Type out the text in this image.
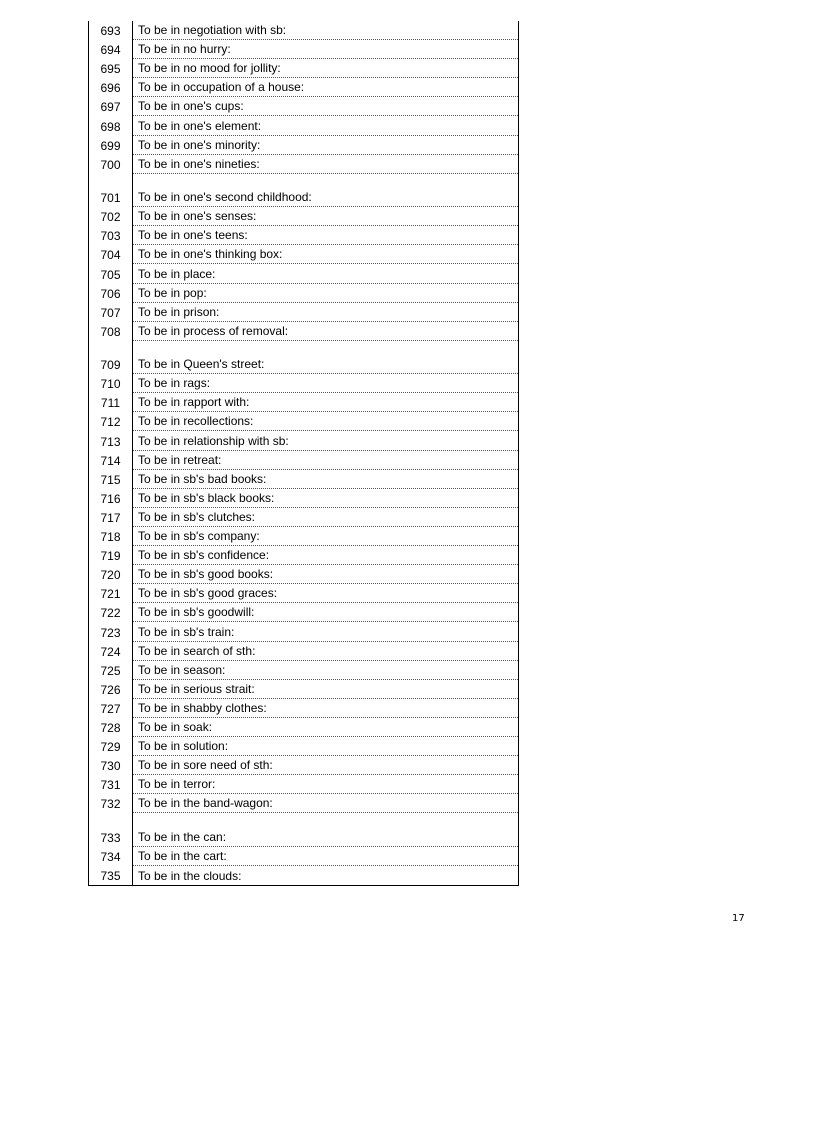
693	To be in negotiation with sb:
694	To be in no hurry:
695	To be in no mood for jollity:
696	To be in occupation of a house:
697	To be in one's cups:
698	To be in one's element:
699	To be in one's minority:
700	To be in one's nineties:
701	To be in one's second childhood:
702	To be in one's senses:
703	To be in one's teens:
704	To be in one's thinking box:
705	To be in place:
706	To be in pop:
707	To be in prison:
708	To be in process of removal:
709	To be in Queen's street:
710	To be in rags:
711	To be in rapport with:
712	To be in recollections:
713	To be in relationship with sb:
714	To be in retreat:
715	To be in sb's bad books:
716	To be in sb's black books:
717	To be in sb's clutches:
718	To be in sb's company:
719	To be in sb's confidence:
720	To be in sb's good books:
721	To be in sb's good graces:
722	To be in sb's goodwill:
723	To be in sb's train:
724	To be in search of sth:
725	To be in season:
726	To be in serious strait:
727	To be in shabby clothes:
728	To be in soak:
729	To be in solution:
730	To be in sore need of sth:
731	To be in terror:
732	To be in the band-wagon:
733	To be in the can:
734	To be in the cart:
735	To be in the clouds:
17
